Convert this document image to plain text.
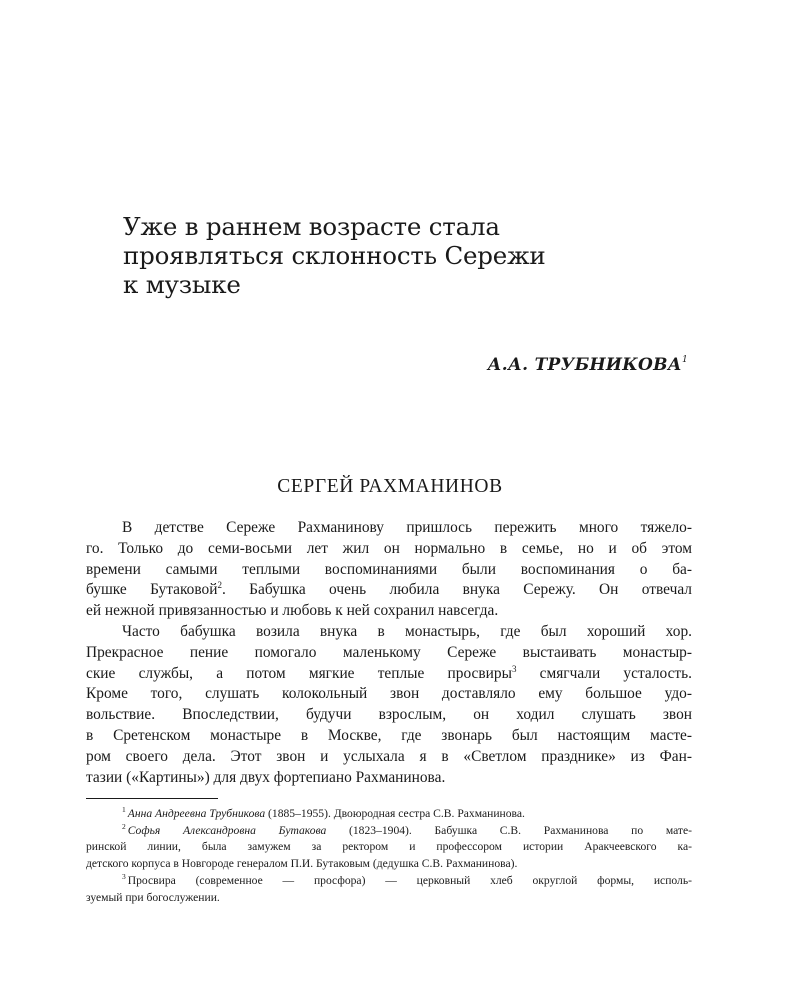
Уже в раннем возрасте стала
проявляться склонность Сережи
к музыке
А.А. ТРУБНИКОВА$^1$
СЕРГЕЙ РАХМАНИНОВ
В детстве Сереже Рахманинову пришлось пережить много тяжело-
го. Только до семи-восьми лет жил он нормально в семье, но и об этом
времени самыми теплыми воспоминаниями были воспоминания о ба-
бушке Бутаковой$^2$. Бабушка очень любила внука Сережу. Он отвечал
ей нежной привязанностью и любовь к ней сохранил навсегда.
Часто бабушка возила внука в монастырь, где был хороший хор.
Прекрасное пение помогало маленькому Сереже выстаивать монастыр-
ские службы, а потом мягкие теплые просвиры$^3$ смягчали усталость.
Кроме того, слушать колокольный звон доставляло ему большое удо-
вольствие. Впоследствии, будучи взрослым, он ходил слушать звон
в Сретенском монастыре в Москве, где звонарь был настоящим масте-
ром своего дела. Этот звон и услыхала я в «Светлом празднике» из Фан-
тазии («Картины») для двух фортепиано Рахманинова.
$^1$ Анна Андреевна Трубникова (1885–1955). Двоюродная сестра С.В. Рахманинова.
$^2$ Софья Александровна Бутакова (1823–1904). Бабушка С.В. Рахманинова по мате-
ринской линии, была замужем за ректором и профессором истории Аракчеевского ка-
детского корпуса в Новгороде генералом П.И. Бутаковым (дедушка С.В. Рахманинова).
$^3$ Просвира (современное — просфора) — церковный хлеб округлой формы, исполь-
зуемый при богослужении.
